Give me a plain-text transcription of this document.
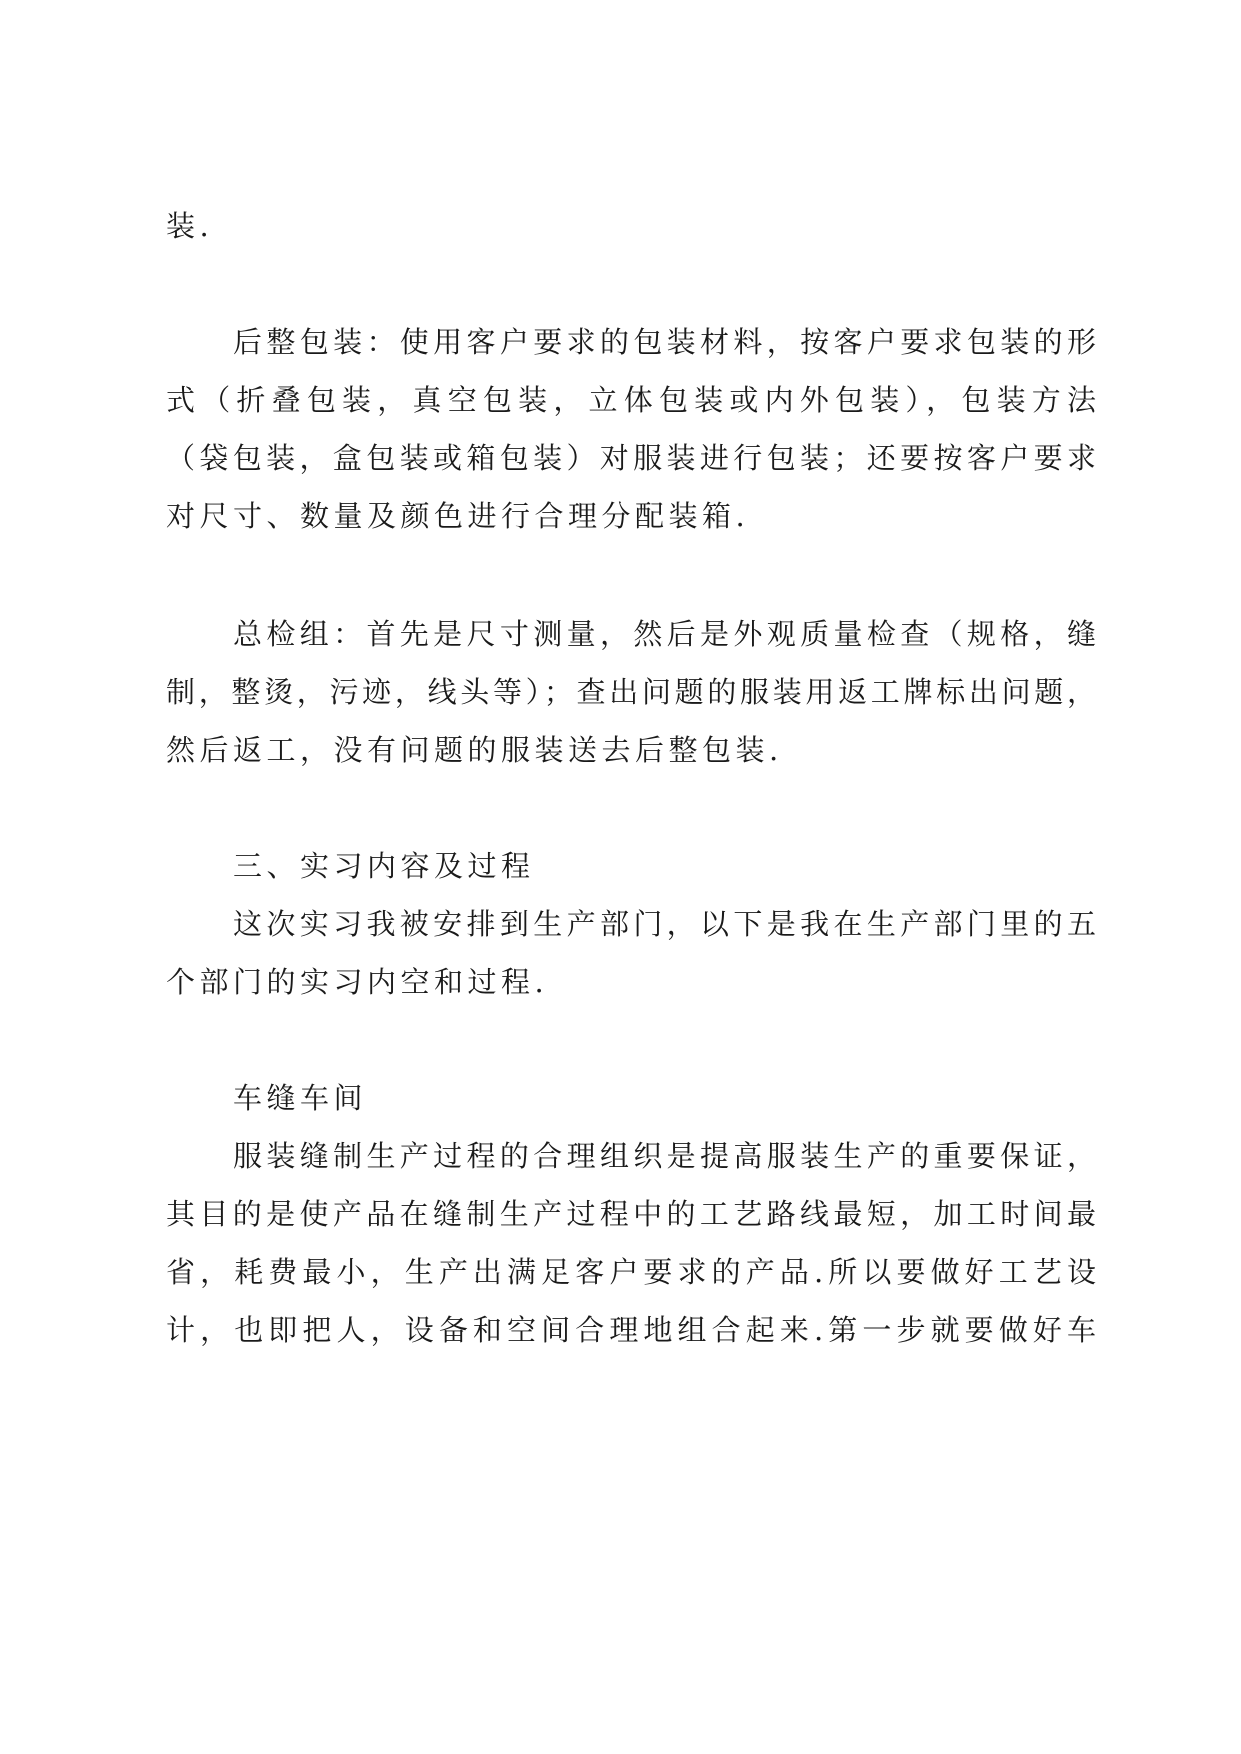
装.
后整包装：使用客户要求的包装材料，按客户要求包装的形
式（折叠包装，真空包装，立体包装或内外包装），包装方法
（袋包装，盒包装或箱包装）对服装进行包装；还要按客户要求
对尺寸、数量及颜色进行合理分配装箱.
总检组：首先是尺寸测量，然后是外观质量检查（规格，缝
制，整烫，污迹，线头等）；查出问题的服装用返工牌标出问题，
然后返工，没有问题的服装送去后整包装.
三、实习内容及过程
这次实习我被安排到生产部门，以下是我在生产部门里的五
个部门的实习内空和过程.
车缝车间
服装缝制生产过程的合理组织是提高服装生产的重要保证，
其目的是使产品在缝制生产过程中的工艺路线最短，加工时间最
省，耗费最小，生产出满足客户要求的产品.所以要做好工艺设
计，也即把人，设备和空间合理地组合起来.第一步就要做好车
